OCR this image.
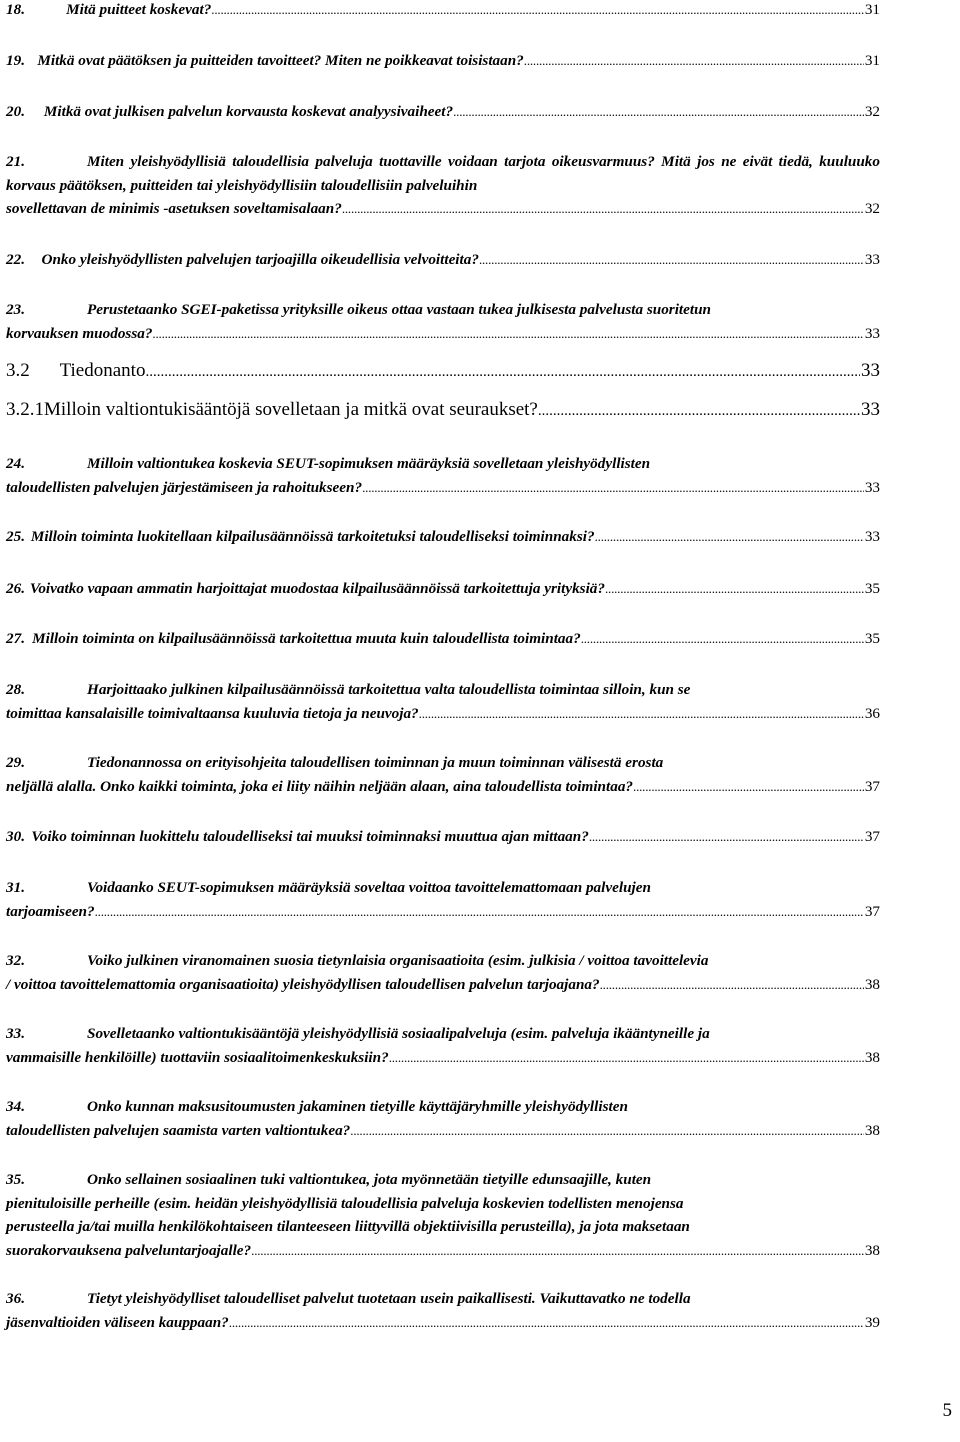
18.	Mitä puitteet koskevat? .....	31
19. Mitkä ovat päätöksen ja puitteiden tavoitteet? Miten ne poikkeavat toisistaan? .....	31
20.	Mitkä ovat julkisen palvelun korvausta koskevat analyysivaiheet? .....	32
21.	Miten yleishyödyllisiä taloudellisia palveluja tuottaville voidaan tarjota oikeusvarmuus? Mitä jos ne eivät tiedä, kuuluuko korvaus päätöksen, puitteiden tai yleishyödyllisiin taloudellisiin palveluihin
sovellettavan de minimis -asetuksen soveltamisalaan? .....	32
22.	Onko yleishyödyllisten palvelujen tarjoajilla oikeudellisia velvoitteita? .....	33
23.	Perustetaanko SGEI-paketissa yrityksille oikeus ottaa vastaan tukea julkisesta palvelusta suoritetun
korvauksen muodossa? .....	33
3.2	Tiedonanto .....	33
3.2.1 Milloin valtiontukisääntöjä sovelletaan ja mitkä ovat seuraukset? .....	33
24.	Milloin valtiontukea koskevia SEUT-sopimuksen määräyksiä sovelletaan yleishyödyllisten
taloudellisten palvelujen järjestämiseen ja rahoitukseen? .....	33
25. Milloin toiminta luokitellaan kilpailusäännöissä tarkoitetuksi taloudelliseksi toiminnaksi? .....	33
26. Voivatko vapaan ammatin harjoittajat muodostaa kilpailusäännöissä tarkoitettuja yrityksiä? .....	35
27. Milloin toiminta on kilpailusäännöissä tarkoitettua muuta kuin taloudellista toimintaa? .....	35
28.	Harjoittaako julkinen kilpailusäännöissä tarkoitettua valta taloudellista toimintaa silloin, kun se
toimittaa kansalaisille toimivaltaansa kuuluvia tietoja ja neuvoja? .....	36
29.	Tiedonannossa on erityisohjeita taloudellisen toiminnan ja muun toiminnan välisestä erosta
neljällä alalla. Onko kaikki toiminta, joka ei liity näihin neljään alaan, aina taloudellista toimintaa? .....	37
30. Voiko toiminnan luokittelu taloudelliseksi tai muuksi toiminnaksi muuttua ajan mittaan? .....	37
31.	Voidaanko SEUT-sopimuksen määräyksiä soveltaa voittoa tavoittelemattomaan palvelujen
tarjoamiseen? .....	37
32.	Voiko julkinen viranomainen suosia tietynlaisia organisaatioita (esim. julkisia / voittoa tavoittelevia
/ voittoa tavoittelemattomia organisaatioita) yleishyödyllisen taloudellisen palvelun tarjoajana? .....	38
33.	Sovelletaanko valtiontukisääntöjä yleishyödyllisiä sosiaalipalveluja (esim. palveluja ikääntyneille ja
vammaisille henkilöille) tuottaviin sosiaalitoimenkeskuksiin? .....	38
34.	Onko kunnan maksusitoumusten jakaminen tietyille käyttäjäryhmille yleishyödyllisten
taloudellisten palvelujen saamista varten valtiontukea? .....	38
35.	Onko sellainen sosiaalinen tuki valtiontukea, jota myönnetään tietyille edunsaajille, kuten
pienituloisille perheille (esim. heidän yleishyödyllisiä taloudellisia palveluja koskevien todellisten menojensa
perusteella ja/tai muilla henkilökohtaiseen tilanteeseen liittyvillä objektiivisilla perusteilla), ja jota maksetaan
suorakorvauksena palveluntarjoajalle? .....	38
36.	Tietyt yleishyödylliset taloudelliset palvelut tuotetaan usein paikallisesti. Vaikuttavatko ne todella
jäsenvaltioiden väliseen kauppaan? .....	39
5
